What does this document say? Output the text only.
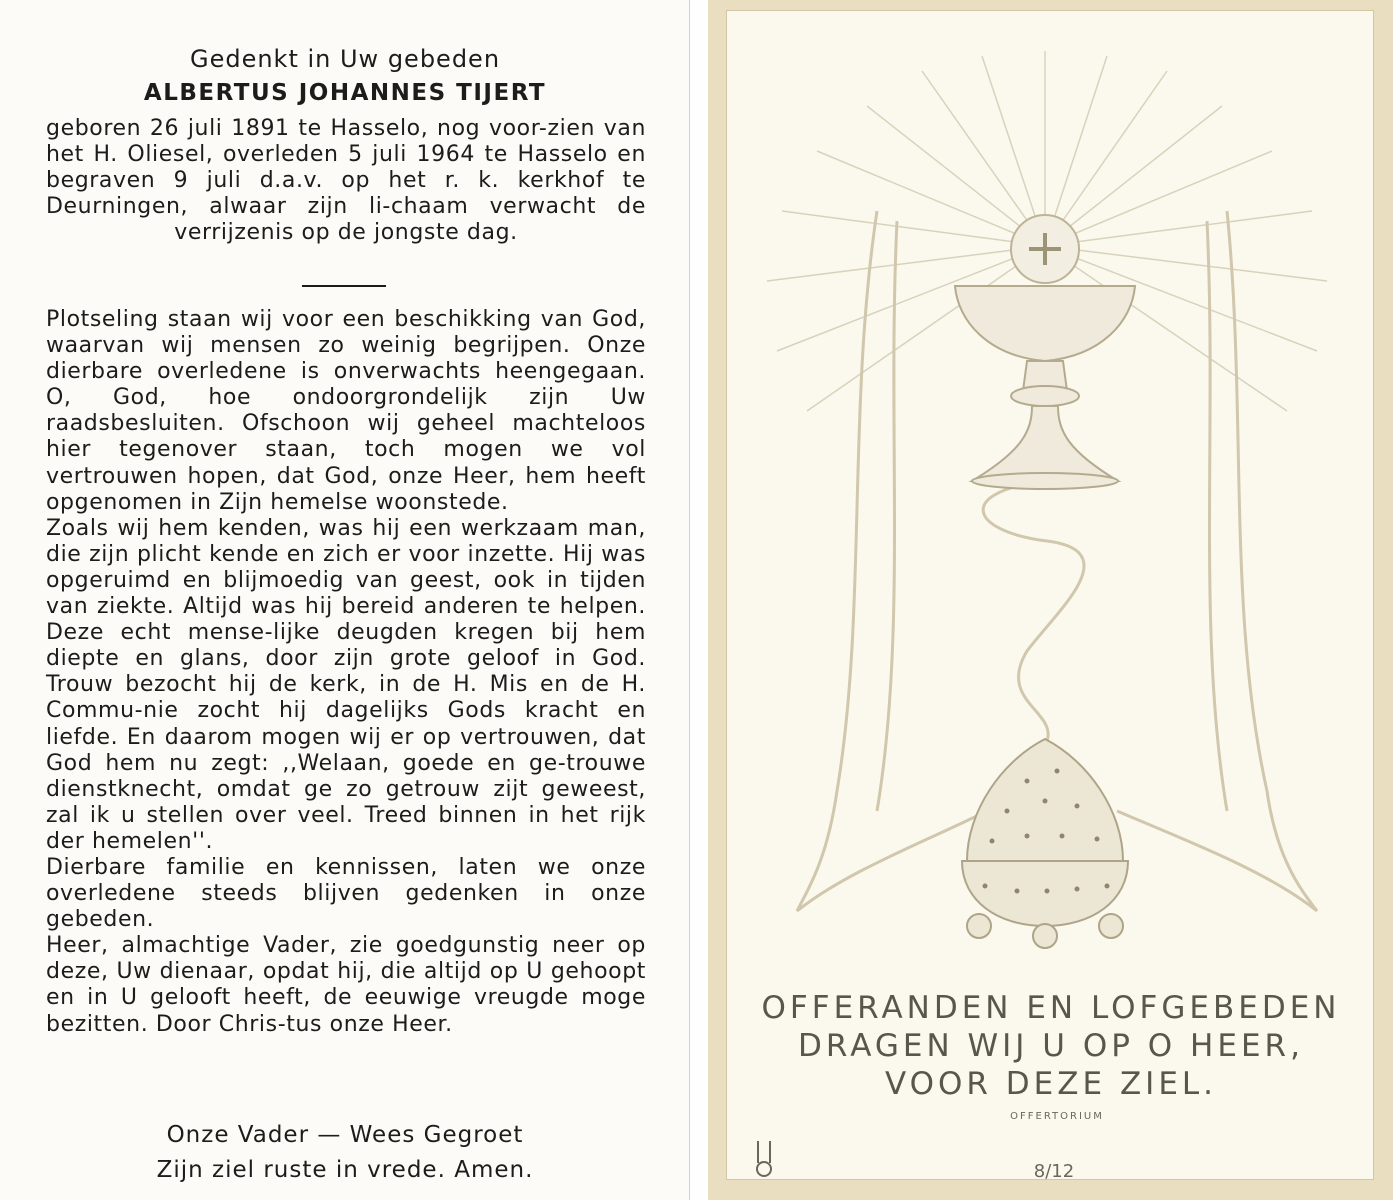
Gedenkt in Uw gebeden
ALBERTUS JOHANNES TIJERT
geboren 26 juli 1891 te Hasselo, nog voor-zien van het H. Oliesel, overleden 5 juli 1964 te Hasselo en begraven 9 juli d.a.v. op het r. k. kerkhof te Deurningen, alwaar zijn li-chaam verwacht de verrijzenis op de jongste dag.

Plotseling staan wij voor een beschikking van God, waarvan wij mensen zo weinig begrijpen. Onze dierbare overledene is onverwachts heengegaan. O, God, hoe ondoorgrondelijk zijn Uw raadsbesluiten. Ofschoon wij geheel machteloos hier tegenover staan, toch mogen we vol vertrouwen hopen, dat God, onze Heer, hem heeft opgenomen in Zijn hemelse woonstede.

Zoals wij hem kenden, was hij een werkzaam man, die zijn plicht kende en zich er voor inzette. Hij was opgeruimd en blijmoedig van geest, ook in tijden van ziekte. Altijd was hij bereid anderen te helpen. Deze echt mense-lijke deugden kregen bij hem diepte en glans, door zijn grote geloof in God. Trouw bezocht hij de kerk, in de H. Mis en de H. Commu-nie zocht hij dagelijks Gods kracht en liefde. En daarom mogen wij er op vertrouwen, dat God hem nu zegt: ,,Welaan, goede en ge-trouwe dienstknecht, omdat ge zo getrouw zijt geweest, zal ik u stellen over veel. Treed binnen in het rijk der hemelen''.

Dierbare familie en kennissen, laten we onze overledene steeds blijven gedenken in onze gebeden.

Heer, almachtige Vader, zie goedgunstig neer op deze, Uw dienaar, opdat hij, die altijd op U gehoopt en in U gelooft heeft, de eeuwige vreugde moge bezitten. Door Chris-tus onze Heer.

Onze Vader — Wees Gegroet
Zijn ziel ruste in vrede. Amen.
OFFERANDEN EN LOFGEBEDEN
DRAGEN WIJ U OP O HEER,
VOOR DEZE ZIEL.
OFFERTORIUM
8/12
